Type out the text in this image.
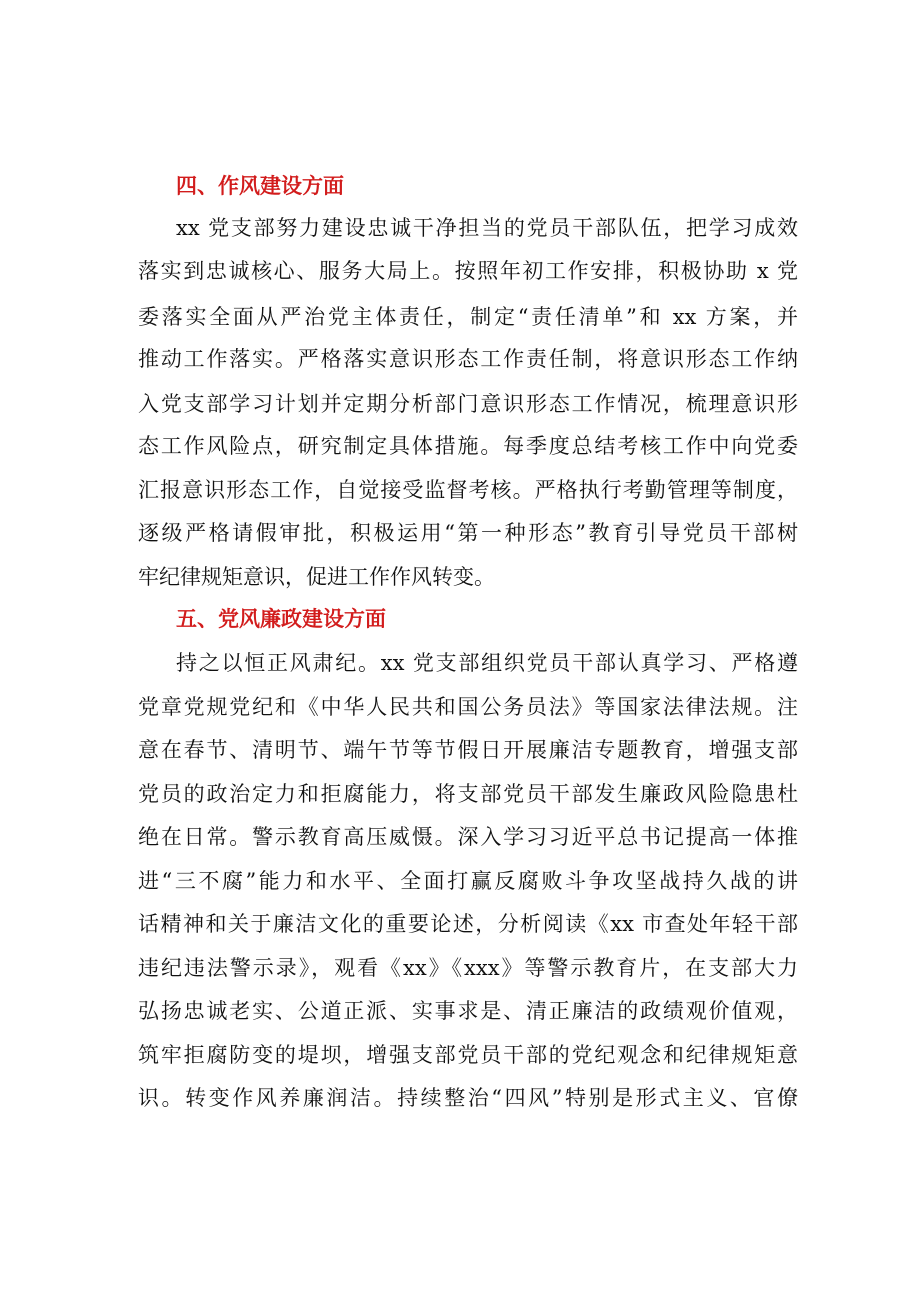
四、作风建设方面
xx 党支部努力建设忠诚干净担当的党员干部队伍，把学习成效
落实到忠诚核心、服务大局上。按照年初工作安排，积极协助 x 党
委落实全面从严治党主体责任，制定“责任清单”和 xx 方案，并
推动工作落实。严格落实意识形态工作责任制，将意识形态工作纳
入党支部学习计划并定期分析部门意识形态工作情况，梳理意识形
态工作风险点，研究制定具体措施。每季度总结考核工作中向党委
汇报意识形态工作，自觉接受监督考核。严格执行考勤管理等制度，
逐级严格请假审批，积极运用“第一种形态”教育引导党员干部树
牢纪律规矩意识，促进工作作风转变。
五、党风廉政建设方面
持之以恒正风肃纪。xx 党支部组织党员干部认真学习、严格遵
党章党规党纪和《中华人民共和国公务员法》等国家法律法规。注
意在春节、清明节、端午节等节假日开展廉洁专题教育，增强支部
党员的政治定力和拒腐能力，将支部党员干部发生廉政风险隐患杜
绝在日常。警示教育高压威慑。深入学习习近平总书记提高一体推
进“三不腐”能力和水平、全面打赢反腐败斗争攻坚战持久战的讲
话精神和关于廉洁文化的重要论述，分析阅读《xx 市查处年轻干部
违纪违法警示录》，观看《xx》《xxx》等警示教育片，在支部大力
弘扬忠诚老实、公道正派、实事求是、清正廉洁的政绩观价值观，
筑牢拒腐防变的堤坝，增强支部党员干部的党纪观念和纪律规矩意
识。转变作风养廉润洁。持续整治“四风”特别是形式主义、官僚
